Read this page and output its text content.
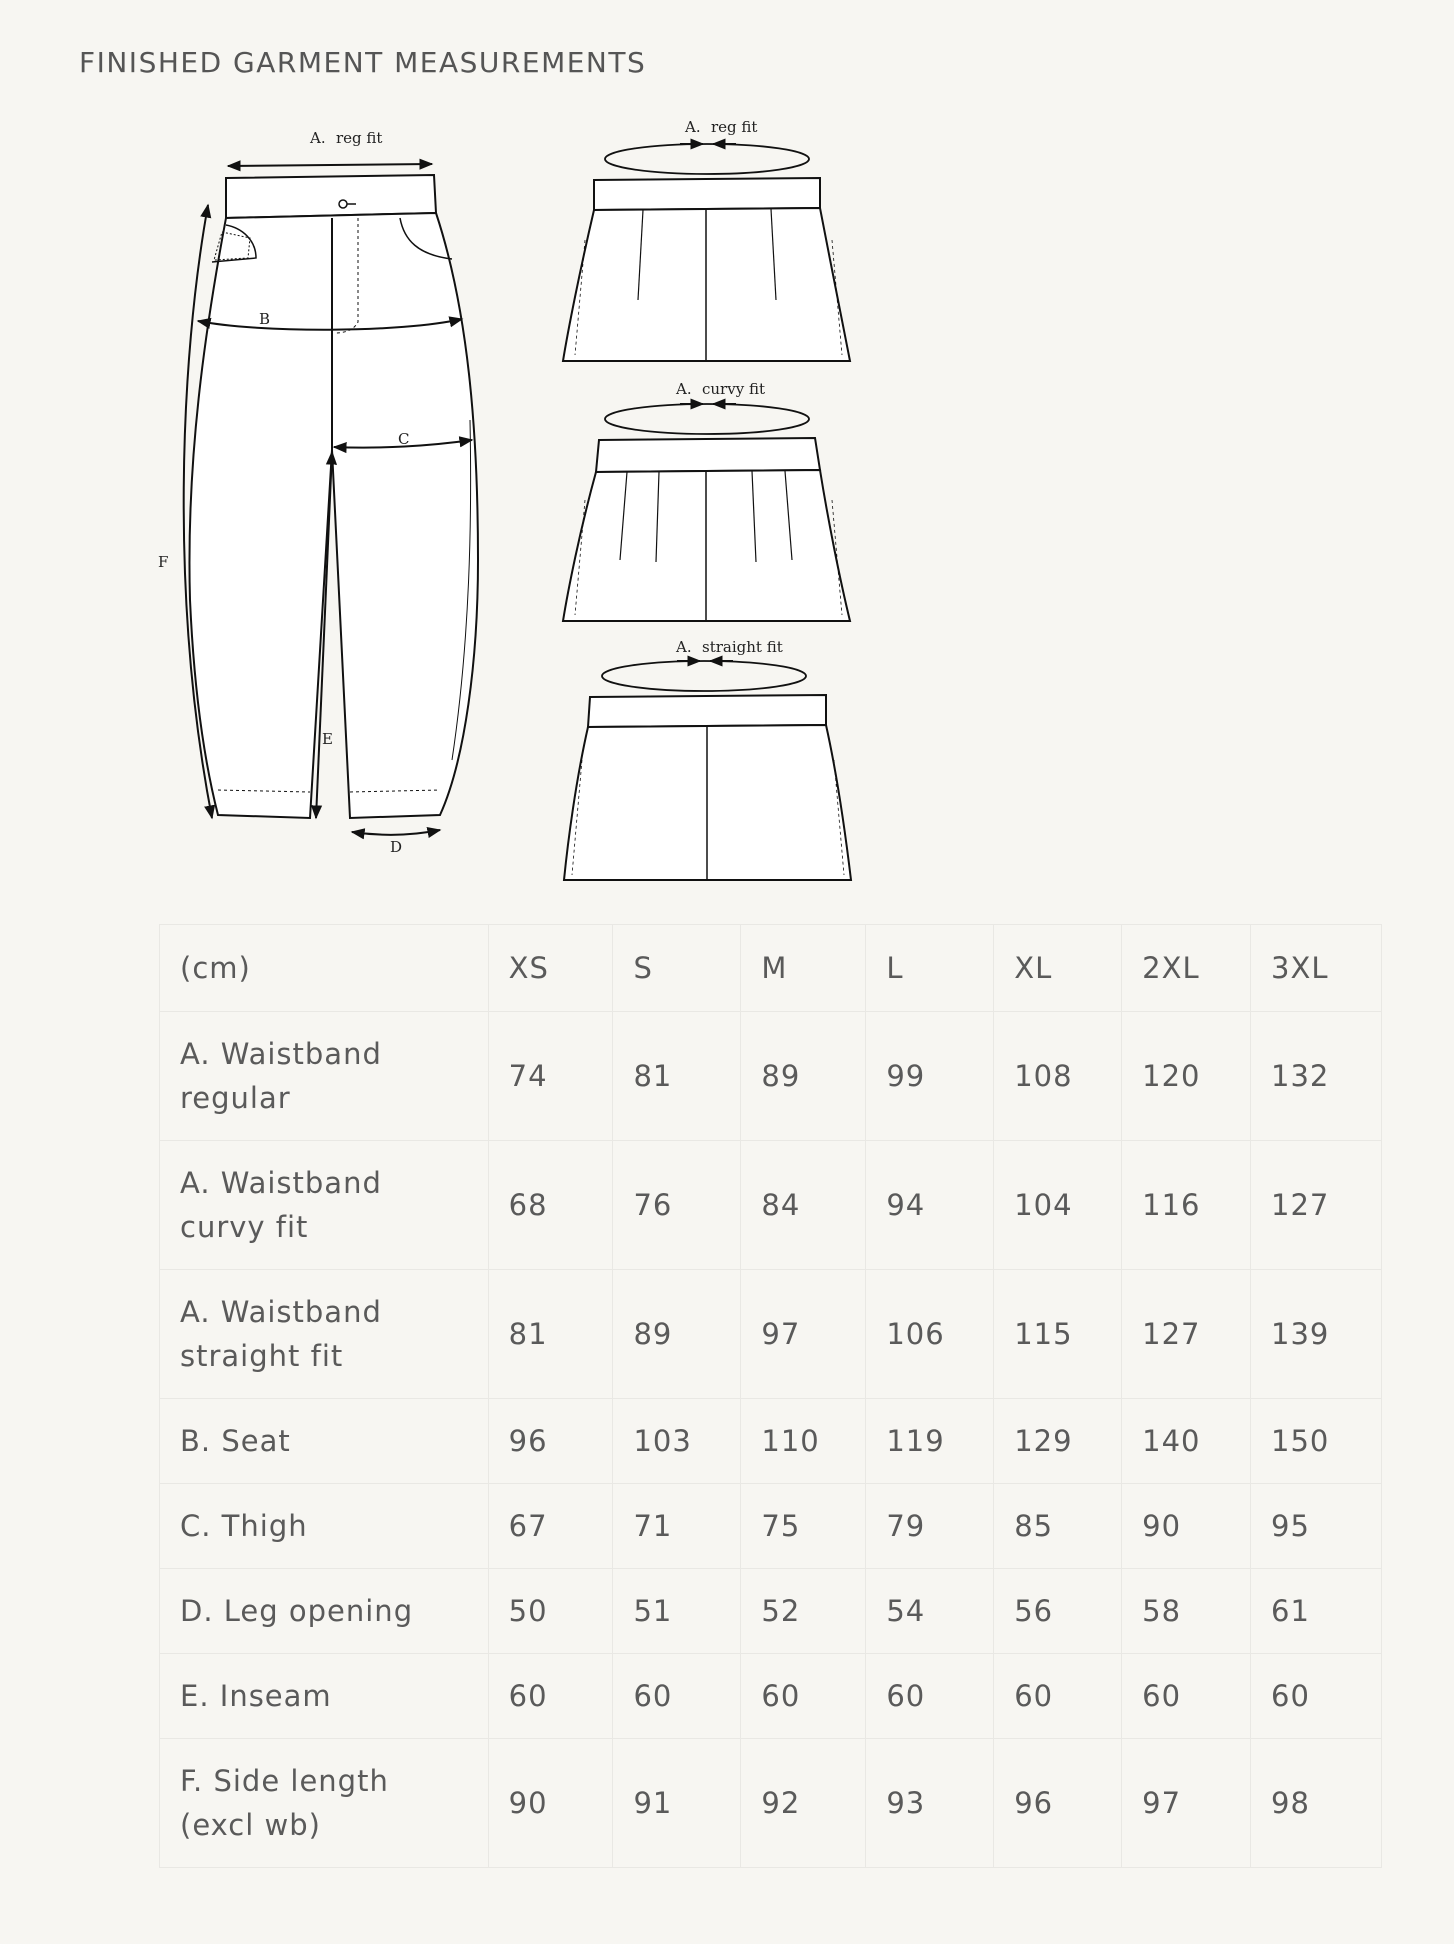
FINISHED GARMENT MEASUREMENTS
A. reg fit
B
C
D
E
F
A. reg fit
A. curvy fit
A. straight fit
(cm)	XS	S	M	L	XL	2XL	3XL
A. Waistband regular	74	81	89	99	108	120	132
A. Waistband curvy fit	68	76	84	94	104	116	127
A. Waistband straight fit	81	89	97	106	115	127	139
B. Seat	96	103	110	119	129	140	150
C. Thigh	67	71	75	79	85	90	95
D. Leg opening	50	51	52	54	56	58	61
E. Inseam	60	60	60	60	60	60	60
F. Side length (excl wb)	90	91	92	93	96	97	98
